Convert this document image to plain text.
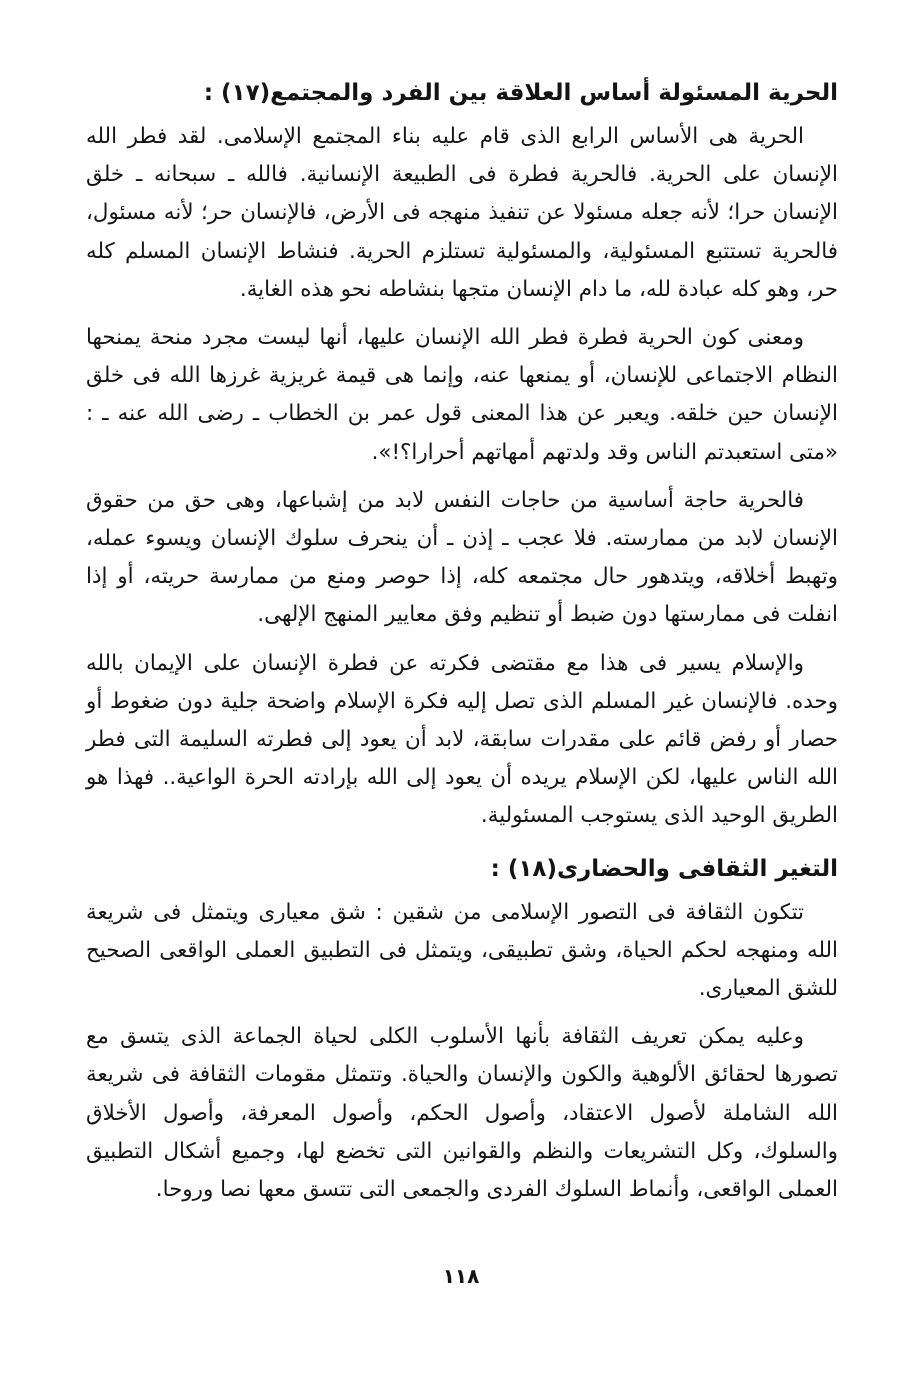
الحرية المسئولة أساس العلاقة بين الفرد والمجتمع(١٧) :

الحرية هى الأساس الرابع الذى قام عليه بناء المجتمع الإسلامى. لقد فطر الله الإنسان على الحرية. فالحرية فطرة فى الطبيعة الإنسانية. فالله ـ سبحانه ـ خلق الإنسان حرا؛ لأنه جعله مسئولا عن تنفيذ منهجه فى الأرض، فالإنسان حر؛ لأنه مسئول، فالحرية تستتبع المسئولية، والمسئولية تستلزم الحرية. فنشاط الإنسان المسلم كله حر، وهو كله عبادة لله، ما دام الإنسان متجها بنشاطه نحو هذه الغاية.

ومعنى كون الحرية فطرة فطر الله الإنسان عليها، أنها ليست مجرد منحة يمنحها النظام الاجتماعى للإنسان، أو يمنعها عنه، وإنما هى قيمة غريزية غرزها الله فى خلق الإنسان حين خلقه. ويعبر عن هذا المعنى قول عمر بن الخطاب ـ رضى الله عنه ـ : «متى استعبدتم الناس وقد ولدتهم أمهاتهم أحرارا؟!».

فالحرية حاجة أساسية من حاجات النفس لابد من إشباعها، وهى حق من حقوق الإنسان لابد من ممارسته. فلا عجب ـ إذن ـ أن ينحرف سلوك الإنسان ويسوء عمله، وتهبط أخلاقه، ويتدهور حال مجتمعه كله، إذا حوصر ومنع من ممارسة حريته، أو إذا انفلت فى ممارستها دون ضبط أو تنظيم وفق معايير المنهج الإلهى.

والإسلام يسير فى هذا مع مقتضى فكرته عن فطرة الإنسان على الإيمان بالله وحده. فالإنسان غير المسلم الذى تصل إليه فكرة الإسلام واضحة جلية دون ضغوط أو حصار أو رفض قائم على مقدرات سابقة، لابد أن يعود إلى فطرته السليمة التى فطر الله الناس عليها، لكن الإسلام يريده أن يعود إلى الله بإرادته الحرة الواعية.. فهذا هو الطريق الوحيد الذى يستوجب المسئولية.

التغير الثقافى والحضارى(١٨) :

تتكون الثقافة فى التصور الإسلامى من شقين : شق معيارى ويتمثل فى شريعة الله ومنهجه لحكم الحياة، وشق تطبيقى، ويتمثل فى التطبيق العملى الواقعى الصحيح للشق المعيارى.

وعليه يمكن تعريف الثقافة بأنها الأسلوب الكلى لحياة الجماعة الذى يتسق مع تصورها لحقائق الألوهية والكون والإنسان والحياة. وتتمثل مقومات الثقافة فى شريعة الله الشاملة لأصول الاعتقاد، وأصول الحكم، وأصول المعرفة، وأصول الأخلاق والسلوك، وكل التشريعات والنظم والقوانين التى تخضع لها، وجميع أشكال التطبيق العملى الواقعى، وأنماط السلوك الفردى والجمعى التى تتسق معها نصا وروحا.

١١٨
